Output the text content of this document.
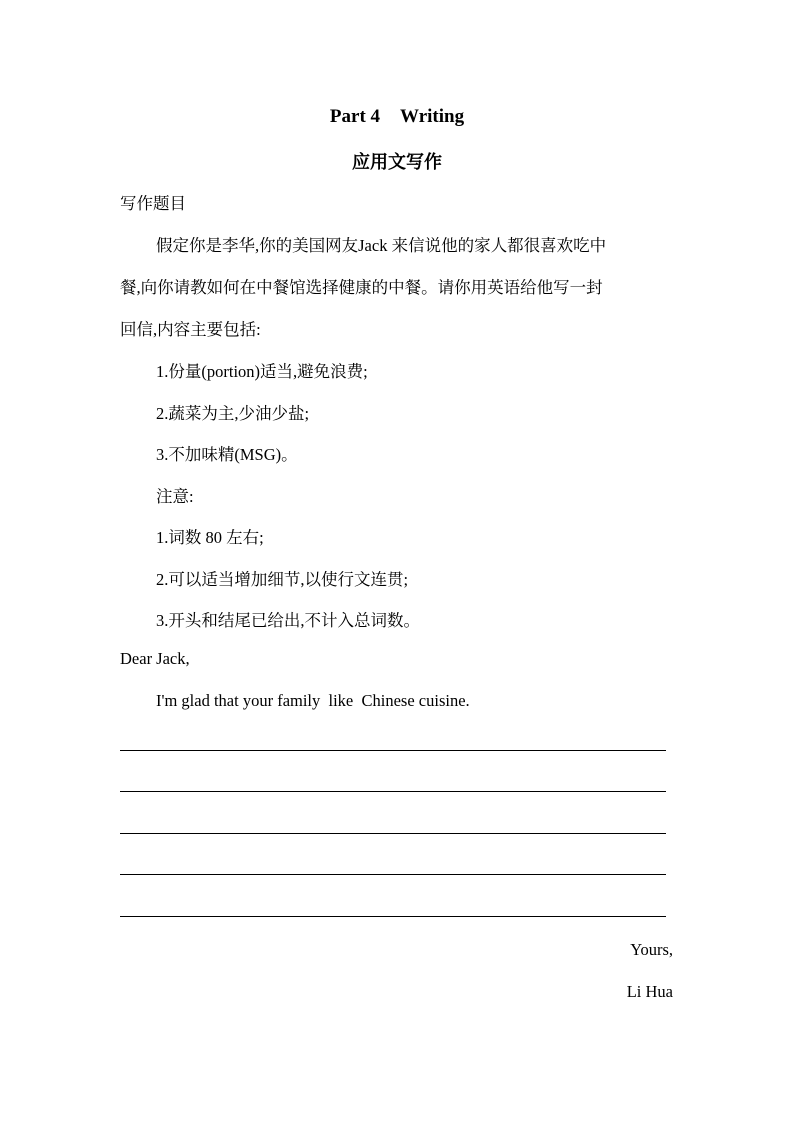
Part 4 Writing
应用文写作
写作题目
假定你是李华,你的美国网友Jack 来信说他的家人都很喜欢吃中
餐,向你请教如何在中餐馆选择健康的中餐。请你用英语给他写一封
回信,内容主要包括:
1.份量(portion)适当,避免浪费;
2.蔬菜为主,少油少盐;
3.不加味精(MSG)。
注意:
1.词数 80 左右;
2.可以适当增加细节,以使行文连贯;
3.开头和结尾已给出,不计入总词数。
Dear Jack,
I'm glad that your family  like  Chinese cuisine.
Yours,
Li Hua
